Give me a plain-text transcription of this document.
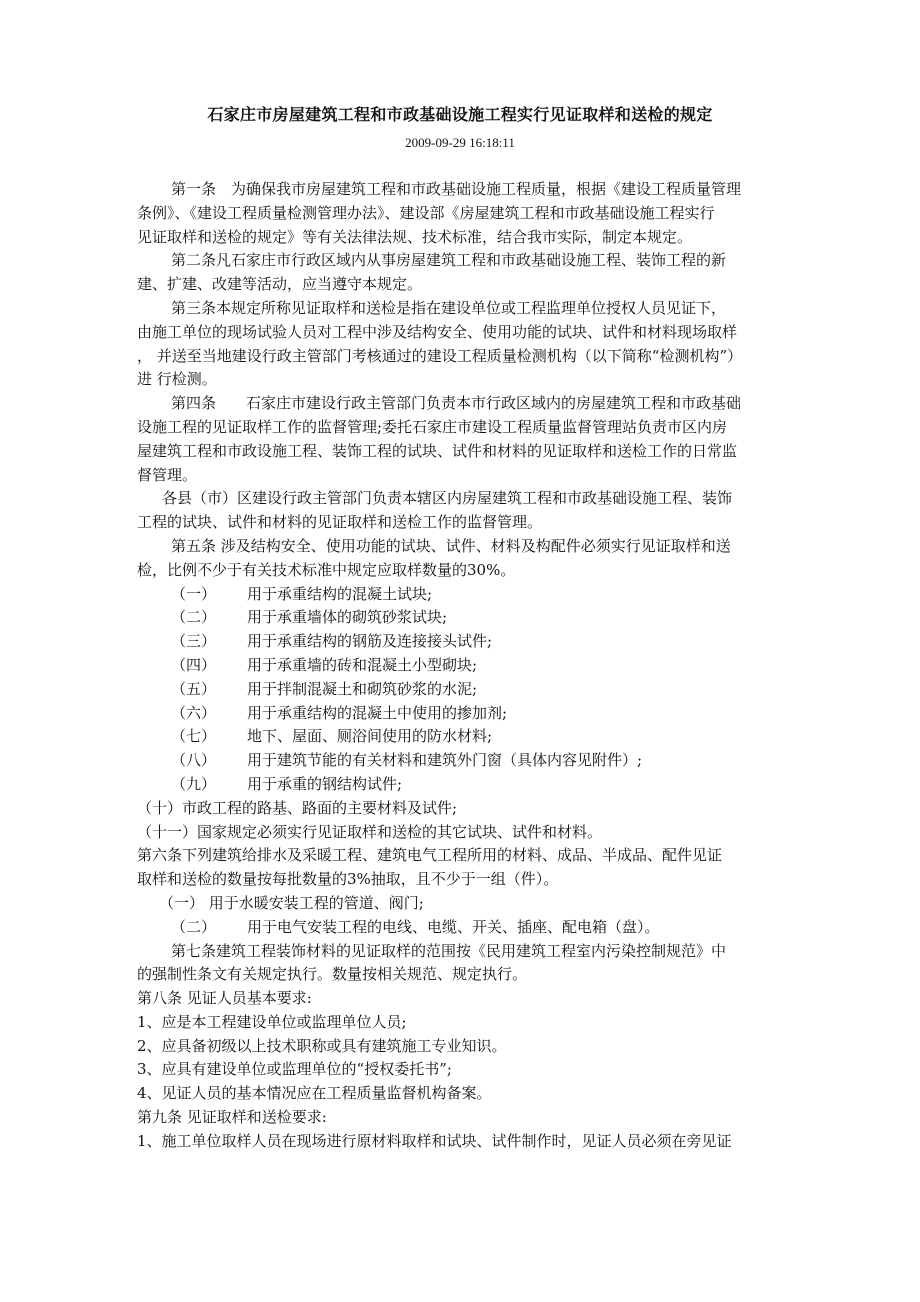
石家庄市房屋建筑工程和市政基础设施工程实行见证取样和送检的规定
2009-09-29 16:18:11
第一条　为确保我市房屋建筑工程和市政基础设施工程质量，根据《建设工程质量管理
条例》、《建设工程质量检测管理办法》、建设部《房屋建筑工程和市政基础设施工程实行
见证取样和送检的规定》等有关法律法规、技术标准，结合我市实际，制定本规定。
第二条凡石家庄市行政区域内从事房屋建筑工程和市政基础设施工程、装饰工程的新
建、扩建、改建等活动，应当遵守本规定。
第三条本规定所称见证取样和送检是指在建设单位或工程监理单位授权人员见证下，
由施工单位的现场试验人员对工程中涉及结构安全、使用功能的试块、试件和材料现场取样
， 并送至当地建设行政主管部门考核通过的建设工程质量检测机构（以下简称“检测机构”）
进 行检测。
第四条　　石家庄市建设行政主管部门负责本市行政区域内的房屋建筑工程和市政基础
设施工程的见证取样工作的监督管理;委托石家庄市建设工程质量监督管理站负责市区内房
屋建筑工程和市政设施工程、装饰工程的试块、试件和材料的见证取样和送检工作的日常监
督管理。
各县（市）区建设行政主管部门负责本辖区内房屋建筑工程和市政基础设施工程、装饰
工程的试块、试件和材料的见证取样和送检工作的监督管理。
第五条 涉及结构安全、使用功能的试块、试件、材料及构配件必须实行见证取样和送
检，比例不少于有关技术标准中规定应取样数量的30%。
（一） 用于承重结构的混凝土试块;
（二） 用于承重墙体的砌筑砂浆试块;
（三） 用于承重结构的钢筋及连接接头试件;
（四） 用于承重墙的砖和混凝土小型砌块;
（五） 用于拌制混凝土和砌筑砂浆的水泥;
（六） 用于承重结构的混凝土中使用的掺加剂;
（七） 地下、屋面、厕浴间使用的防水材料;
（八） 用于建筑节能的有关材料和建筑外门窗（具体内容见附件）;
（九） 用于承重的钢结构试件;
（十）市政工程的路基、路面的主要材料及试件;
（十一）国家规定必须实行见证取样和送检的其它试块、试件和材料。
第六条下列建筑给排水及采暖工程、建筑电气工程所用的材料、成品、半成品、配件见证
取样和送检的数量按每批数量的3%抽取，且不少于一组（件）。
（一） 用于水暖安装工程的管道、阀门;
（二） 用于电气安装工程的电线、电缆、开关、插座、配电箱（盘）。
第七条建筑工程装饰材料的见证取样的范围按《民用建筑工程室内污染控制规范》中
的强制性条文有关规定执行。数量按相关规范、规定执行。
第八条 见证人员基本要求:
1、应是本工程建设单位或监理单位人员;
2、应具备初级以上技术职称或具有建筑施工专业知识。
3、应具有建设单位或监理单位的“授权委托书”;
4、见证人员的基本情况应在工程质量监督机构备案。
第九条 见证取样和送检要求:
1、施工单位取样人员在现场进行原材料取样和试块、试件制作时，见证人员必须在旁见证
